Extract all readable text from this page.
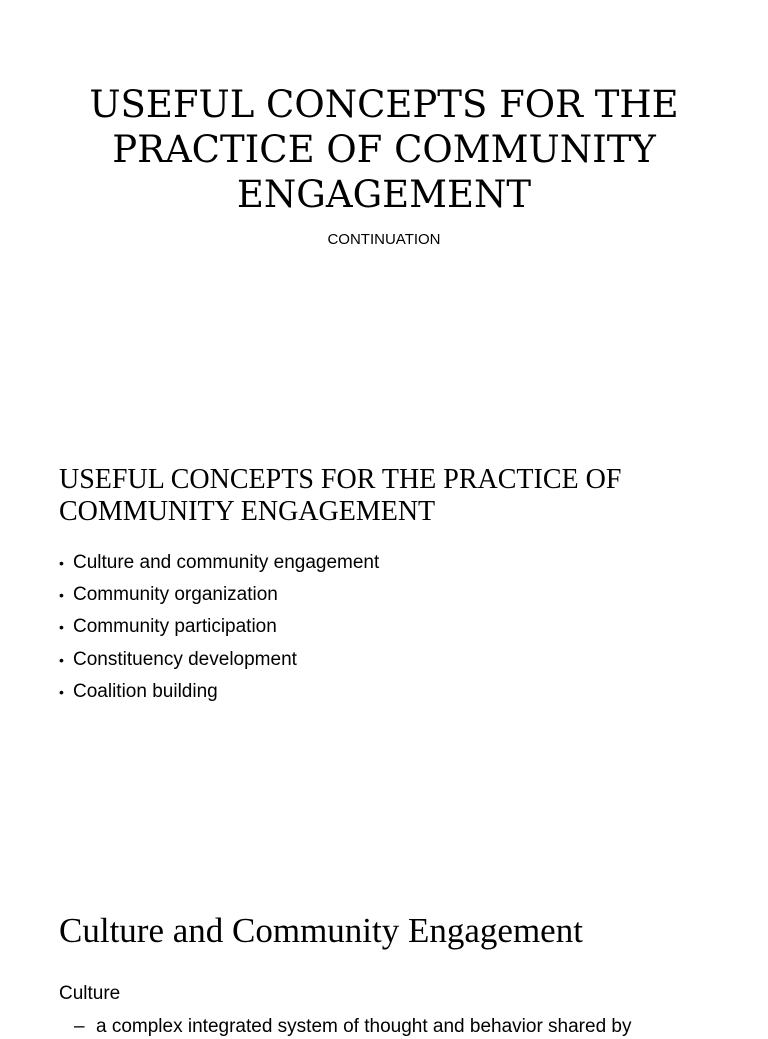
USEFUL CONCEPTS FOR THE
PRACTICE OF COMMUNITY
ENGAGEMENT

CONTINUATION

USEFUL CONCEPTS FOR THE PRACTICE OF
COMMUNITY ENGAGEMENT
• Culture and community engagement
• Community organization
• Community participation
• Constituency development
• Coalition building
Culture and Community Engagement

Culture

– a complex integrated system of thought and behavior shared by
